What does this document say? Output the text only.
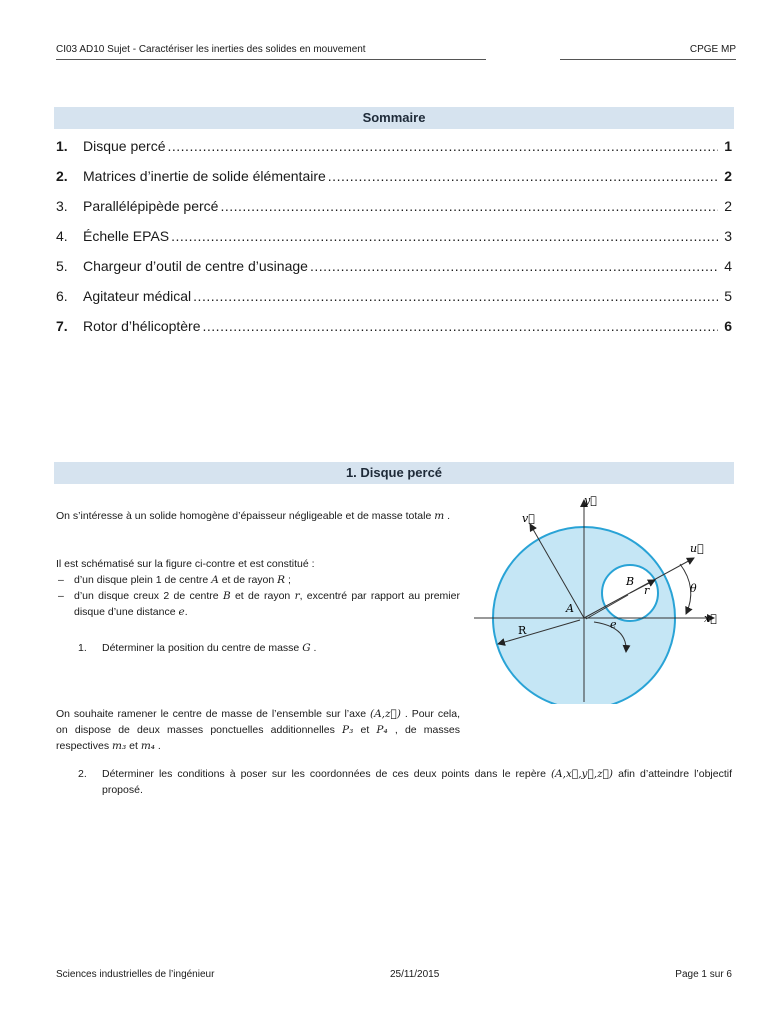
CI03 AD10 Sujet - Caractériser les inerties des solides en mouvement	CPGE MP
Sommaire
1.	Disque percé .....	1
2.	Matrices d’inertie de solide élémentaire .....	2
3.	Parallélépipède percé .....	2
4.	Échelle EPAS .....	3
5.	Chargeur d’outil de centre d’usinage .....	4
6.	Agitateur médical .....	5
7.	Rotor d’hélicoptère .....	6
1. Disque percé
On s’intéresse à un solide homogène d’épaisseur négligeable et de masse totale m .
Il est schématisé sur la figure ci-contre et est constitué :
– d’un disque plein 1 de centre A et de rayon R ;
– d’un disque creux 2 de centre B et de rayon r, excentré par rapport au premier disque d’une distance e.
1. Déterminer la position du centre de masse G .
On souhaite ramener le centre de masse de l’ensemble sur l’axe (A,z⃗) . Pour cela, on dispose de deux masses ponctuelles additionnelles P₃ et P₄ , de masses respectives m₃ et m₄ .
2. Déterminer les conditions à poser sur les coordonnées de ces deux points dans le repère (A,x⃗,y⃗,z⃗) afin d’atteindre l’objectif proposé.
y⃗
v⃗
u⃗
x⃗
θ
A
B
r
R	e
Sciences industrielles de l’ingénieur	25/11/2015	Page 1 sur 6
